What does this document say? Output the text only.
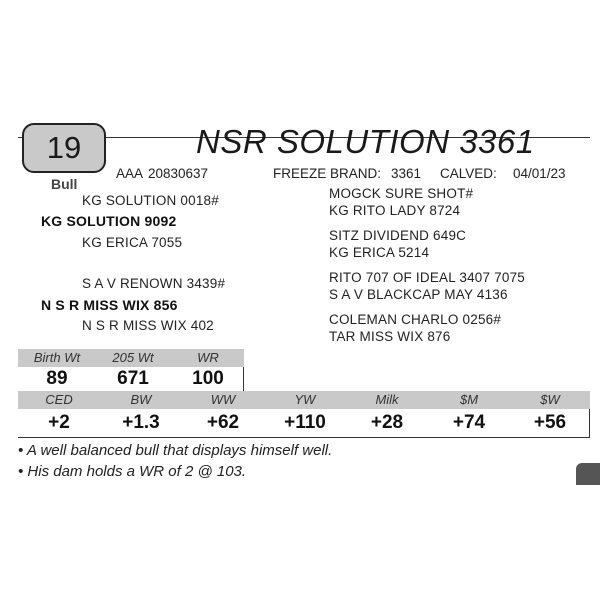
19
Bull
NSR SOLUTION 3361
AAA 20830637	FREEZE BRAND: 3361 CALVED: 04/01/23
KG SOLUTION 0018#
KG SOLUTION 9092
KG ERICA 7055
S A V RENOWN 3439#
N S R MISS WIX 856
N S R MISS WIX 402
MOGCK SURE SHOT#
KG RITO LADY 8724
SITZ DIVIDEND 649C
KG ERICA 5214
RITO 707 OF IDEAL 3407 7075
S A V BLACKCAP MAY 4136
COLEMAN CHARLO 0256#
TAR MISS WIX 876
Birth Wt	205 Wt	WR
89	671	100
CED	BW	WW	YW	Milk	$M	$W
+2	+1.3	+62	+110	+28	+74	+56
• A well balanced bull that displays himself well.
• His dam holds a WR of 2 @ 103.
